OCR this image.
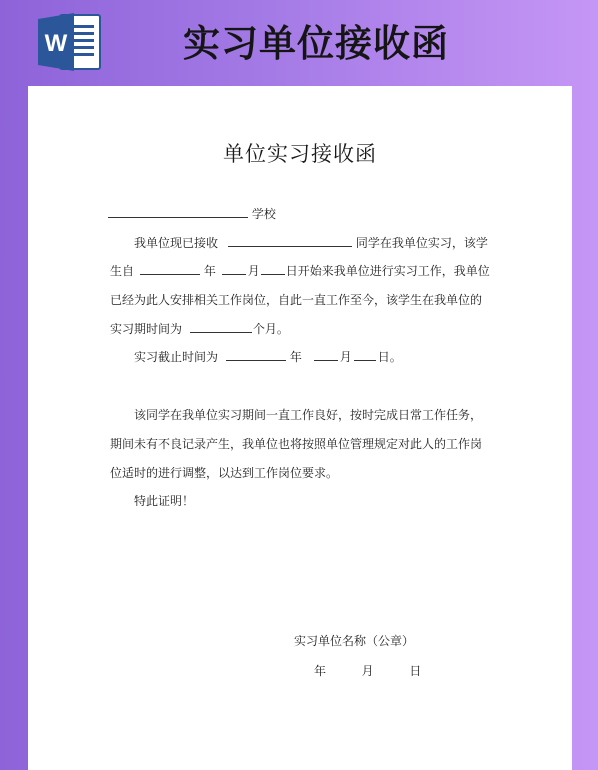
W	实习单位接收函
单位实习接收函
学校
我单位现已接收	同学在我单位实习，该学
生自	年	月 日开始来我单位进行实习工作，我单位
已经为此人安排相关工作岗位，自此一直工作至今，该学生在我单位的
实习期时间为	个月。
实习截止时间为	年	月 日。
该同学在我单位实习期间一直工作良好，按时完成日常工作任务，
期间未有不良记录产生，我单位也将按照单位管理规定对此人的工作岗
位适时的进行调整，以达到工作岗位要求。
特此证明！
实习单位名称（公章）
年	月	日
